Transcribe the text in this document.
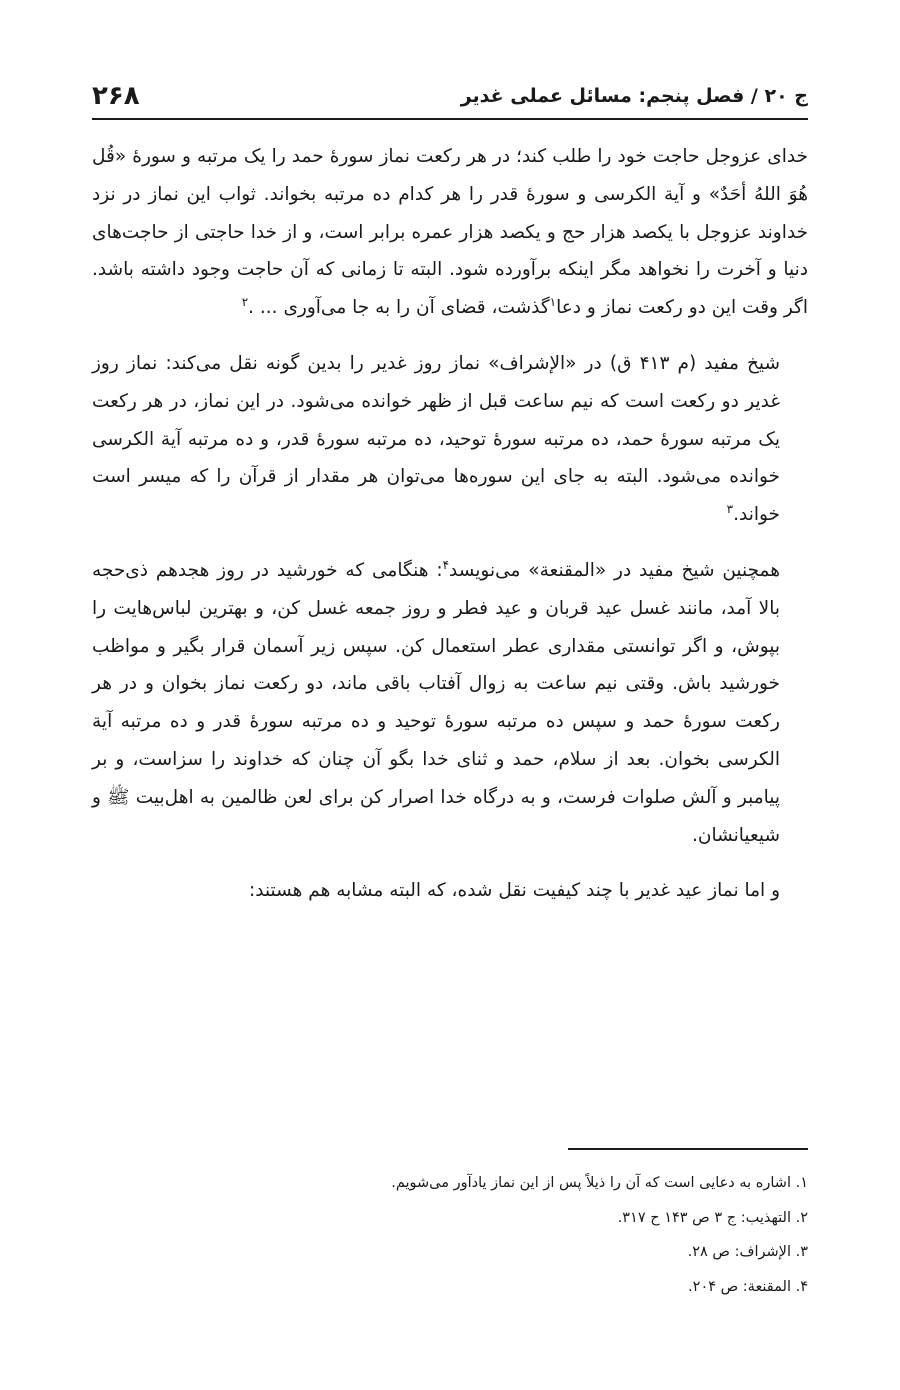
ج ۲۰ / فصل پنجم: مسائل عملی غدیر
۲۶۸

خدای عزوجل حاجت خود را طلب کند؛ در هر رکعت نماز سورهٔ حمد را یک مرتبه و سورهٔ «قُل هُوَ اللهُ أحَدٌ» و آیة الکرسی و سورهٔ قدر را هر کدام ده مرتبه بخواند. ثواب این نماز در نزد خداوند عزوجل با یکصد هزار حج و یکصد هزار عمره برابر است، و از خدا حاجتی از حاجت‌های دنیا و آخرت را نخواهد مگر اینکه برآورده شود. البته تا زمانی که آن حاجت وجود داشته باشد. اگر وقت این دو رکعت نماز و دعا$^۱$گذشت، قضای آن را به جا می‌آوری ... .$^۲$

شیخ مفید (م ۴۱۳ ق) در «الإشراف» نماز روز غدیر را بدین گونه نقل می‌کند: نماز روز غدیر دو رکعت است که نیم ساعت قبل از ظهر خوانده می‌شود. در این نماز، در هر رکعت یک مرتبه سورهٔ حمد، ده مرتبه سورهٔ توحید، ده مرتبه سورهٔ قدر، و ده مرتبه آیة الکرسی خوانده می‌شود. البته به جای این سوره‌ها می‌توان هر مقدار از قرآن را که میسر است خواند.$^۳$

همچنین شیخ مفید در «المقنعة» می‌نویسد$^۴$: هنگامی که خورشید در روز هجدهم ذی‌حجه بالا آمد، مانند غسل عید قربان و عید فطر و روز جمعه غسل کن، و بهترین لباس‌هایت را بپوش، و اگر توانستی مقداری عطر استعمال کن. سپس زیر آسمان قرار بگیر و مواظب خورشید باش. وقتی نیم ساعت به زوال آفتاب باقی ماند، دو رکعت نماز بخوان و در هر رکعت سورهٔ حمد و سپس ده مرتبه سورهٔ توحید و ده مرتبه سورهٔ قدر و ده مرتبه آیة الکرسی بخوان. بعد از سلام، حمد و ثنای خدا بگو آن چنان که خداوند را سزاست، و بر پیامبر و آلش صلوات فرست، و به درگاه خدا اصرار کن برای لعن ظالمین به اهل‌بیت ﷺ و شیعیانشان.

و اما نماز عید غدیر با چند کیفیت نقل شده، که البته مشابه هم هستند:

۱. اشاره به دعایی است که آن را ذیلاً پس از این نماز یادآور می‌شویم.
۲. التهذیب: ج ۳ ص ۱۴۳ ح ۳۱۷.
۳. الإشراف: ص ۲۸.
۴. المقنعة: ص ۲۰۴.
